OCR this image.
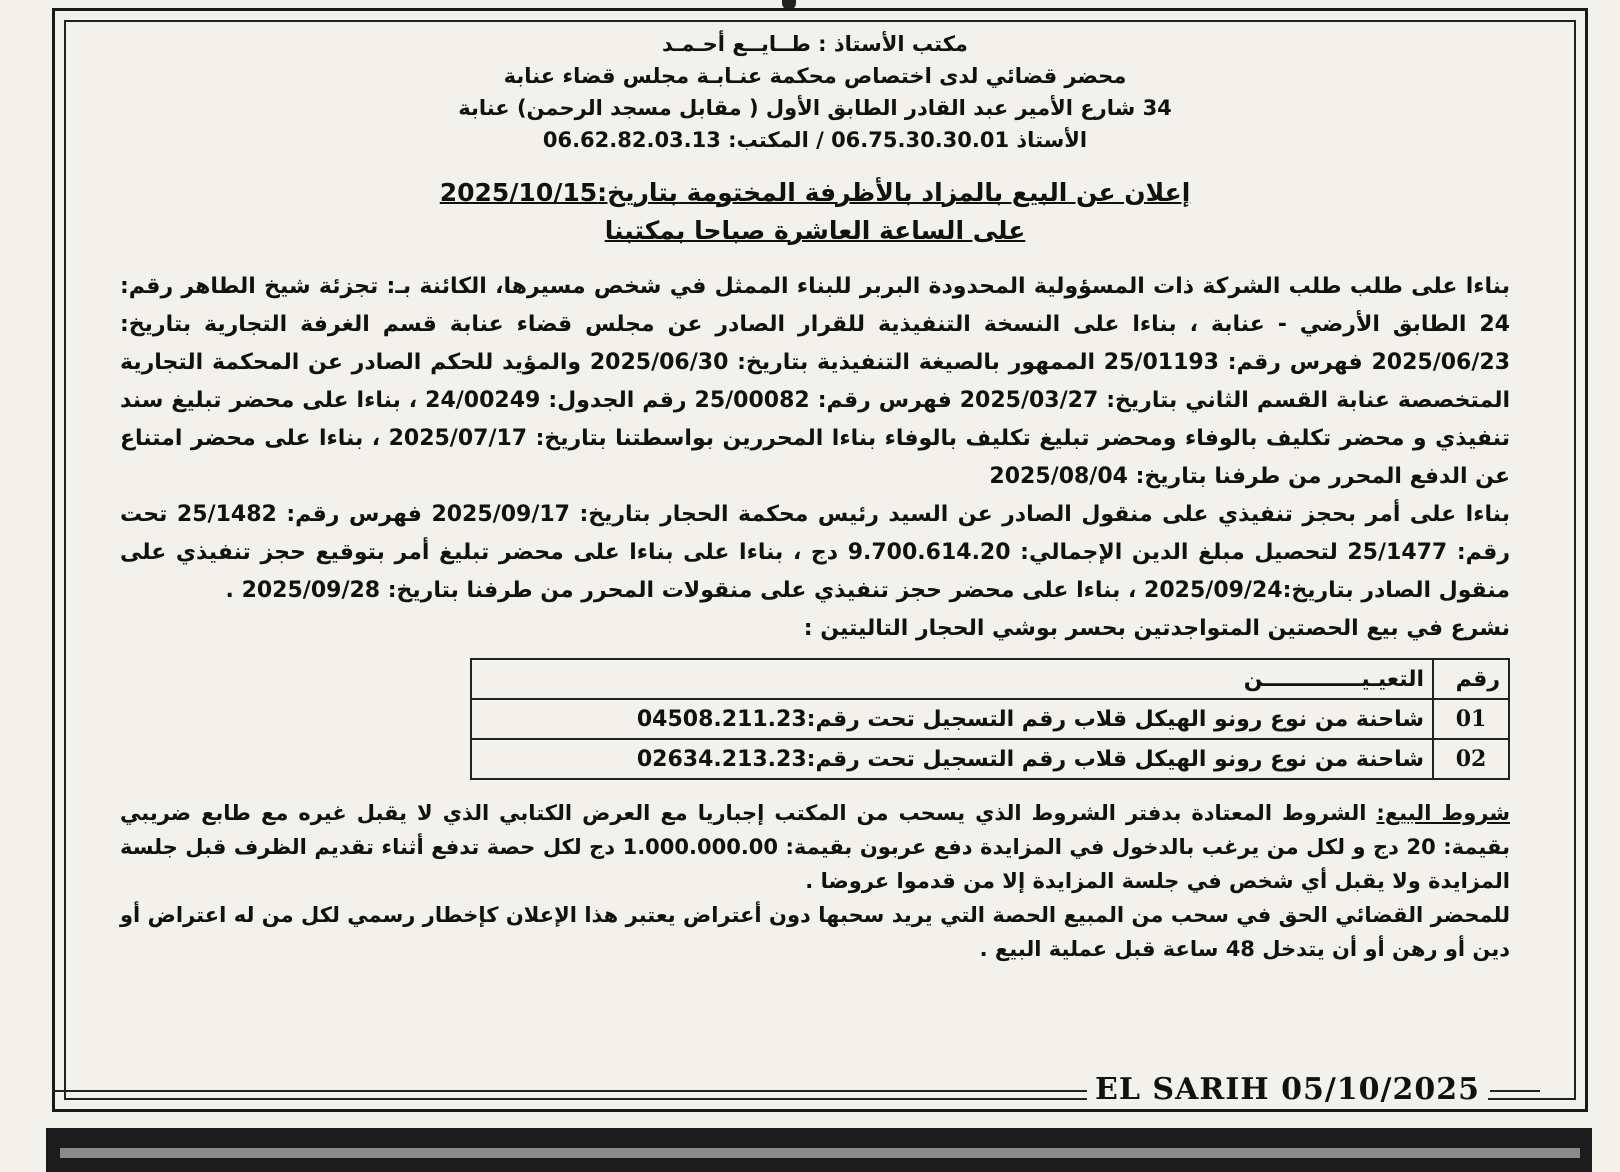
مكتب الأستاذ : طــايــع أحـمـد
محضر قضائي لدى اختصاص محكمة عنـابـة مجلس قضاء عنابة
34 شارع الأمير عبد القادر الطابق الأول ( مقابل مسجد الرحمن) عنابة
الأستاذ 06.75.30.30.01 / المكتب: 06.62.82.03.13
إعلان عن البيع بالمزاد بالأظرفة المختومة بتاريخ:2025/10/15
على الساعة العاشرة صباحا بمكتبنا
بناءا على طلب طلب الشركة ذات المسؤولية المحدودة البربر للبناء الممثل في شخص مسيرها، الكائنة بـ: تجزئة شيخ الطاهر رقم: 24 الطابق الأرضي - عنابة ، بناءا على النسخة التنفيذية للقرار الصادر عن مجلس قضاء عنابة قسم الغرفة التجارية بتاريخ: 2025/06/23 فهرس رقم: 25/01193 الممهور بالصيغة التنفيذية بتاريخ: 2025/06/30 والمؤيد للحكم الصادر عن المحكمة التجارية المتخصصة عنابة القسم الثاني بتاريخ: 2025/03/27 فهرس رقم: 25/00082 رقم الجدول: 24/00249 ، بناءا على محضر تبليغ سند تنفيذي و محضر تكليف بالوفاء ومحضر تبليغ تكليف بالوفاء بناءا المحررين بواسطتنا بتاريخ: 2025/07/17 ، بناءا على محضر امتناع عن الدفع المحرر من طرفنا بتاريخ: 2025/08/04
بناءا على أمر بحجز تنفيذي على منقول الصادر عن السيد رئيس محكمة الحجار بتاريخ: 2025/09/17 فهرس رقم: 25/1482 تحت رقم: 25/1477 لتحصيل مبلغ الدين الإجمالي: 9.700.614.20 دج ، بناءا على بناءا على محضر تبليغ أمر بتوقيع حجز تنفيذي على منقول الصادر بتاريخ:2025/09/24 ، بناءا على محضر حجز تنفيذي على منقولات المحرر من طرفنا بتاريخ: 2025/09/28 .
نشرع في بيع الحصتين المتواجدتين بحسر بوشي الحجار التاليتين :
رقم	التعيـيـــــــــــــن
01	شاحنة من نوع رونو الهيكل قلاب رقم التسجيل تحت رقم:04508.211.23
02	شاحنة من نوع رونو الهيكل قلاب رقم التسجيل تحت رقم:02634.213.23
شروط البيع: الشروط المعتادة بدفتر الشروط الذي يسحب من المكتب إجباريا مع العرض الكتابي الذي لا يقبل غيره مع طابع ضريبي بقيمة: 20 دج و لكل من يرغب بالدخول في المزايدة دفع عربون بقيمة: 1.000.000.00 دج لكل حصة تدفع أثناء تقديم الظرف قبل جلسة المزايدة ولا يقبل أي شخص في جلسة المزايدة إلا من قدموا عروضا .
للمحضر القضائي الحق في سحب من المبيع الحصة التي يريد سحبها دون أعتراض يعتبر هذا الإعلان كإخطار رسمي لكل من له اعتراض أو دين أو رهن أو أن يتدخل 48 ساعة قبل عملية البيع .
EL SARIH 05/10/2025
